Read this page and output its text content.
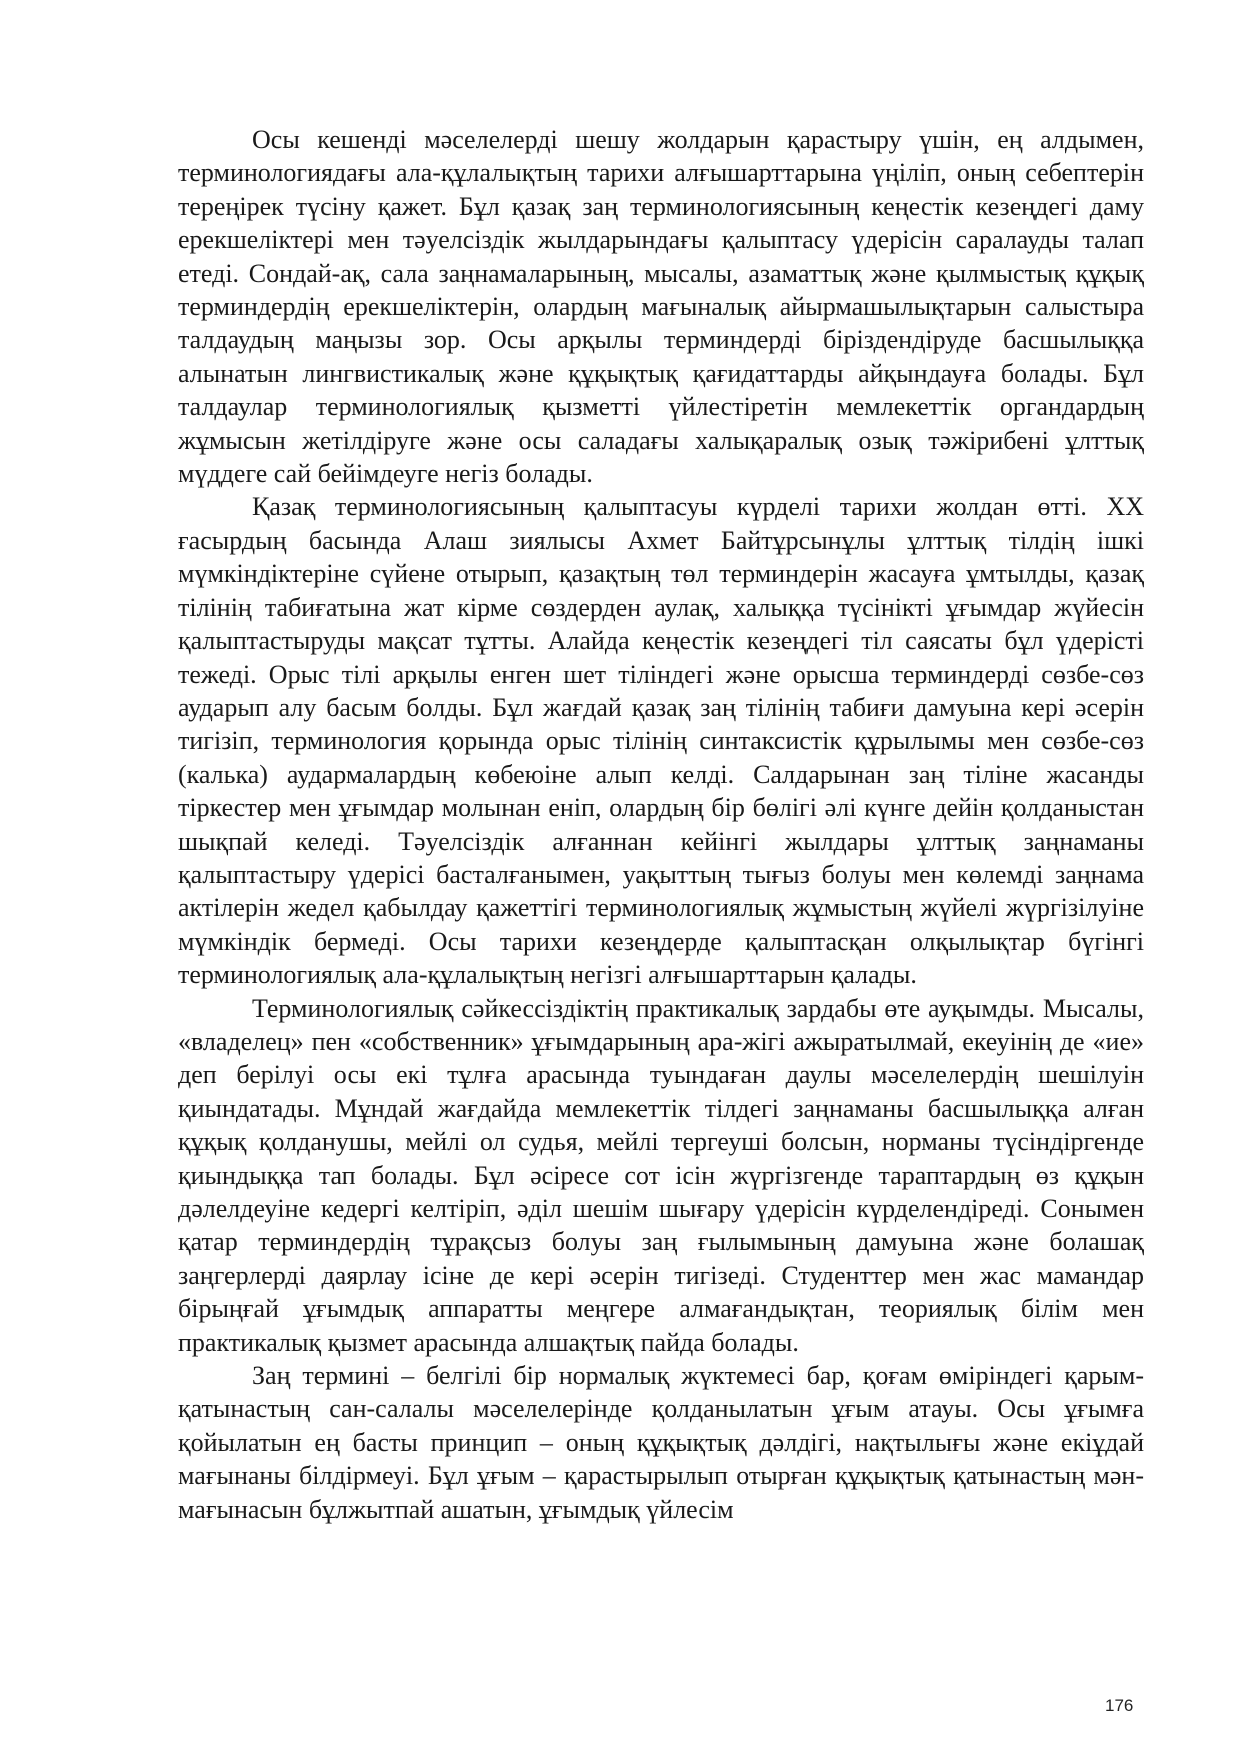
Осы кешенді мәселелерді шешу жолдарын қарастыру үшін, ең алдымен, терминологиядағы ала-құлалықтың тарихи алғышарттарына үңіліп, оның себептерін тереңірек түсіну қажет. Бұл қазақ заң терминологиясының кеңестік кезеңдегі даму ерекшеліктері мен тәуелсіздік жылдарындағы қалыптасу үдерісін саралауды талап етеді. Сондай-ақ, сала заңнамаларының, мысалы, азаматтық және қылмыстық құқық терминдердің ерекшеліктерін, олардың мағыналық айырмашылықтарын салыстыра талдаудың маңызы зор. Осы арқылы терминдерді біріздендіруде басшылыққа алынатын лингвистикалық және құқықтық қағидаттарды айқындауға болады. Бұл талдаулар терминологиялық қызметті үйлестіретін мемлекеттік органдардың жұмысын жетілдіруге және осы саладағы халықаралық озық тәжірибені ұлттық мүддеге сай бейімдеуге негіз болады.

Қазақ терминологиясының қалыптасуы күрделі тарихи жолдан өтті. ХХ ғасырдың басында Алаш зиялысы Ахмет Байтұрсынұлы ұлттық тілдің ішкі мүмкіндіктеріне сүйене отырып, қазақтың төл терминдерін жасауға ұмтылды, қазақ тілінің табиғатына жат кірме сөздерден аулақ, халыққа түсінікті ұғымдар жүйесін қалыптастыруды мақсат тұтты. Алайда кеңестік кезеңдегі тіл саясаты бұл үдерісті тежеді. Орыс тілі арқылы енген шет тіліндегі және орысша терминдерді сөзбе-сөз аударып алу басым болды. Бұл жағдай қазақ заң тілінің табиғи дамуына кері әсерін тигізіп, терминология қорында орыс тілінің синтаксистік құрылымы мен сөзбе-сөз (калька) аудармалардың көбеюіне алып келді. Салдарынан заң тіліне жасанды тіркестер мен ұғымдар молынан еніп, олардың бір бөлігі әлі күнге дейін қолданыстан шықпай келеді. Тәуелсіздік алғаннан кейінгі жылдары ұлттық заңнаманы қалыптастыру үдерісі басталғанымен, уақыттың тығыз болуы мен көлемді заңнама актілерін жедел қабылдау қажеттігі терминологиялық жұмыстың жүйелі жүргізілуіне мүмкіндік бермеді. Осы тарихи кезеңдерде қалыптасқан олқылықтар бүгінгі терминологиялық ала-құлалықтың негізгі алғышарттарын қалады.

Терминологиялық сәйкессіздіктің практикалық зардабы өте ауқымды. Мысалы, «владелец» пен «собственник» ұғымдарының ара-жігі ажыратылмай, екеуінің де «ие» деп берілуі осы екі тұлға арасында туындаған даулы мәселелердің шешілуін қиындатады. Мұндай жағдайда мемлекеттік тілдегі заңнаманы басшылыққа алған құқық қолданушы, мейлі ол судья, мейлі тергеуші болсын, норманы түсіндіргенде қиындыққа тап болады. Бұл әсіресе сот ісін жүргізгенде тараптардың өз құқын дәлелдеуіне кедергі келтіріп, әділ шешім шығару үдерісін күрделендіреді. Сонымен қатар терминдердің тұрақсыз болуы заң ғылымының дамуына және болашақ заңгерлерді даярлау ісіне де кері әсерін тигізеді. Студенттер мен жас мамандар бірыңғай ұғымдық аппаратты меңгере алмағандықтан, теориялық білім мен практикалық қызмет арасында алшақтық пайда болады.

Заң термині – белгілі бір нормалық жүктемесі бар, қоғам өміріндегі қарым-қатынастың сан-салалы мәселелерінде қолданылатын ұғым атауы. Осы ұғымға қойылатын ең басты принцип – оның құқықтық дәлдігі, нақтылығы және екіұдай мағынаны білдірмеуі. Бұл ұғым – қарастырылып отырған құқықтық қатынастың мән-мағынасын бұлжытпай ашатын, ұғымдық үйлесім

176
